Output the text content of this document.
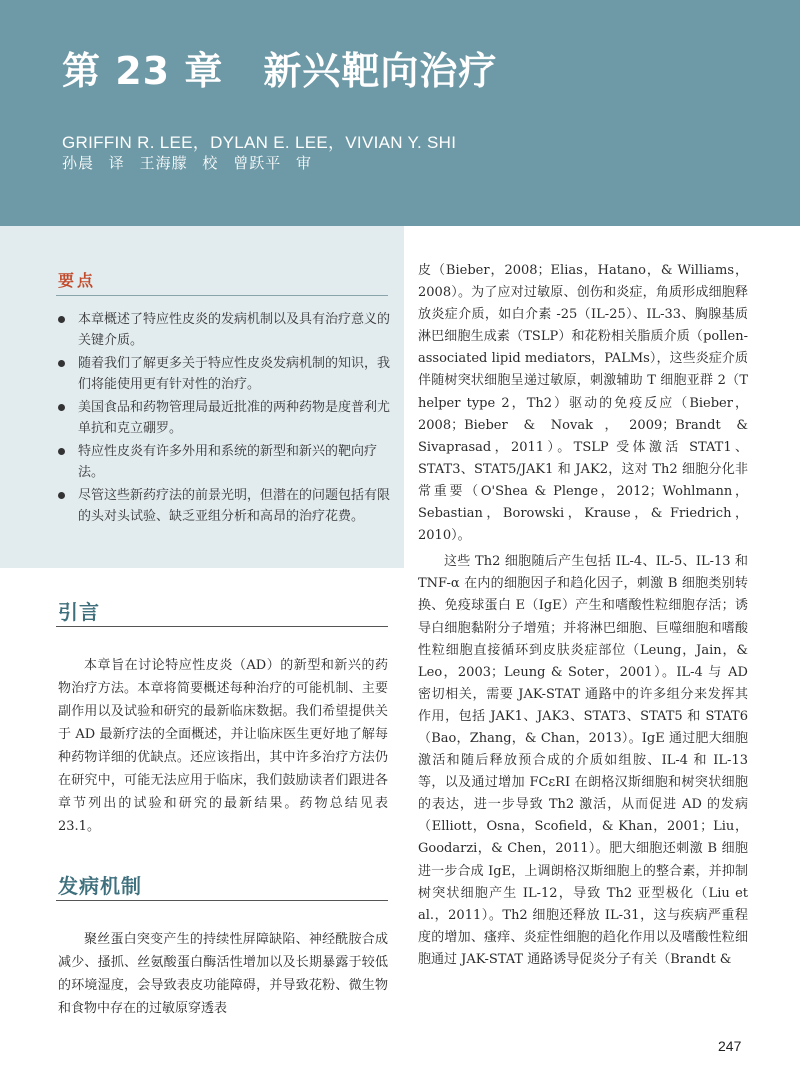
第 23 章 新兴靶向治疗
GRIFFIN R. LEE，DYLAN E. LEE，VIVIAN Y. SHI
孙晨 译 王海朦 校 曾跃平 审
要点
本章概述了特应性皮炎的发病机制以及具有治疗意义的关键介质。
随着我们了解更多关于特应性皮炎发病机制的知识，我们将能使用更有针对性的治疗。
美国食品和药物管理局最近批准的两种药物是度普利尤单抗和克立硼罗。
特应性皮炎有许多外用和系统的新型和新兴的靶向疗法。
尽管这些新药疗法的前景光明，但潜在的问题包括有限的头对头试验、缺乏亚组分析和高昂的治疗花费。
引言

本章旨在讨论特应性皮炎（AD）的新型和新兴的药物治疗方法。本章将简要概述每种治疗的可能机制、主要副作用以及试验和研究的最新临床数据。我们希望提供关于 AD 最新疗法的全面概述，并让临床医生更好地了解每种药物详细的优缺点。还应该指出，其中许多治疗方法仍在研究中，可能无法应用于临床，我们鼓励读者们跟进各章节列出的试验和研究的最新结果。药物总结见表 23.1。

发病机制

聚丝蛋白突变产生的持续性屏障缺陷、神经酰胺合成减少、搔抓、丝氨酸蛋白酶活性增加以及长期暴露于较低的环境湿度，会导致表皮功能障碍，并导致花粉、微生物和食物中存在的过敏原穿透表

皮（Bieber，2008；Elias，Hatano，& Williams，2008）。为了应对过敏原、创伤和炎症，角质形成细胞释放炎症介质，如白介素 -25（IL-25）、IL-33、胸腺基质淋巴细胞生成素（TSLP）和花粉相关脂质介质（pollen-associated lipid mediators，PALMs），这些炎症介质伴随树突状细胞呈递过敏原，刺激辅助 T 细胞亚群 2（T helper type 2，Th2）驱动的免疫反应（Bieber，2008；Bieber & Novak，2009；Brandt & Sivaprasad，2011）。TSLP 受体激活 STAT1、STAT3、STAT5/JAK1 和 JAK2，这对 Th2 细胞分化非常重要（O'Shea & Plenge，2012；Wohlmann，Sebastian，Borowski，Krause，& Friedrich，2010）。

这些 Th2 细胞随后产生包括 IL-4、IL-5、IL-13 和 TNF-α 在内的细胞因子和趋化因子，刺激 B 细胞类别转换、免疫球蛋白 E（IgE）产生和嗜酸性粒细胞存活；诱导白细胞黏附分子增殖；并将淋巴细胞、巨噬细胞和嗜酸性粒细胞直接循环到皮肤炎症部位（Leung，Jain，& Leo，2003；Leung & Soter，2001）。IL-4 与 AD 密切相关，需要 JAK-STAT 通路中的许多组分来发挥其作用，包括 JAK1、JAK3、STAT3、STAT5 和 STAT6（Bao，Zhang，& Chan，2013）。IgE 通过肥大细胞激活和随后释放预合成的介质如组胺、IL-4 和 IL-13 等，以及通过增加 FCεRI 在朗格汉斯细胞和树突状细胞的表达，进一步导致 Th2 激活，从而促进 AD 的发病（Elliott，Osna，Scofield，& Khan，2001；Liu，Goodarzi，& Chen，2011）。肥大细胞还刺激 B 细胞进一步合成 IgE，上调朗格汉斯细胞上的整合素，并抑制树突状细胞产生 IL-12，导致 Th2 亚型极化（Liu et al.，2011）。Th2 细胞还释放 IL-31，这与疾病严重程度的增加、瘙痒、炎症性细胞的趋化作用以及嗜酸性粒细胞通过 JAK-STAT 通路诱导促炎分子有关（Brandt &

247
